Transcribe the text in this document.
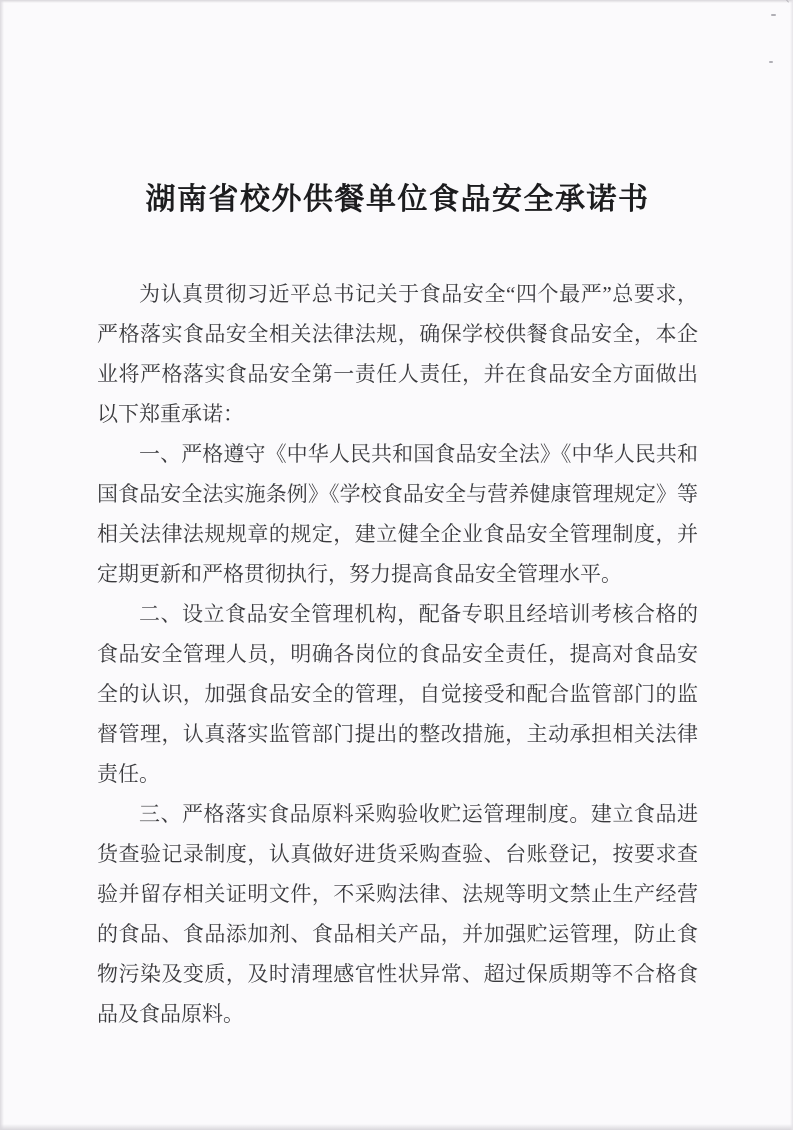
湖南省校外供餐单位食品安全承诺书

为认真贯彻习近平总书记关于食品安全“四个最严”总要求，严格落实食品安全相关法律法规，确保学校供餐食品安全，本企业将严格落实食品安全第一责任人责任，并在食品安全方面做出以下郑重承诺：

一、严格遵守《中华人民共和国食品安全法》《中华人民共和国食品安全法实施条例》《学校食品安全与营养健康管理规定》等相关法律法规规章的规定，建立健全企业食品安全管理制度，并定期更新和严格贯彻执行，努力提高食品安全管理水平。

二、设立食品安全管理机构，配备专职且经培训考核合格的食品安全管理人员，明确各岗位的食品安全责任，提高对食品安全的认识，加强食品安全的管理，自觉接受和配合监管部门的监督管理，认真落实监管部门提出的整改措施，主动承担相关法律责任。

三、严格落实食品原料采购验收贮运管理制度。建立食品进货查验记录制度，认真做好进货采购查验、台账登记，按要求查验并留存相关证明文件，不采购法律、法规等明文禁止生产经营的食品、食品添加剂、食品相关产品，并加强贮运管理，防止食物污染及变质，及时清理感官性状异常、超过保质期等不合格食品及食品原料。
